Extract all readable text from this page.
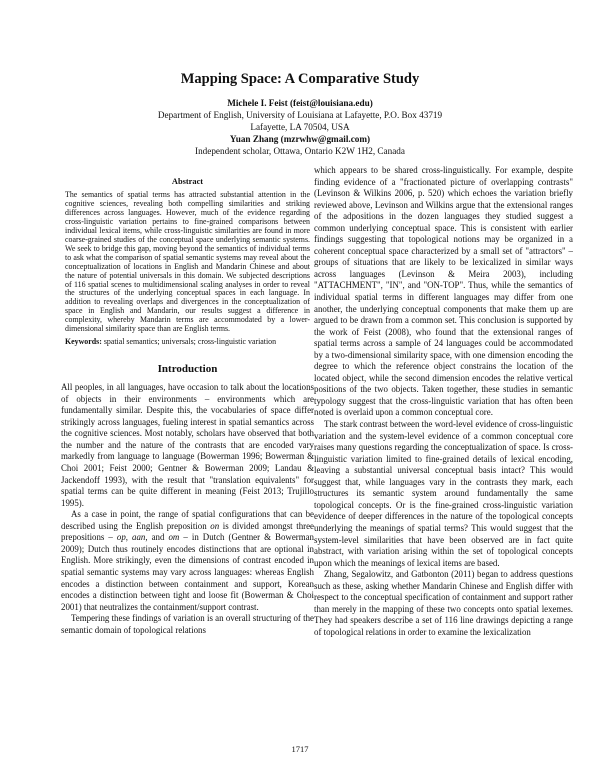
Mapping Space: A Comparative Study
Michele I. Feist (feist@louisiana.edu)
Department of English, University of Louisiana at Lafayette, P.O. Box 43719
Lafayette, LA 70504, USA
Yuan Zhang (mzrwhw@gmail.com)
Independent scholar, Ottawa, Ontario K2W 1H2, Canada
Abstract

The semantics of spatial terms has attracted substantial attention in the cognitive sciences, revealing both compelling similarities and striking differences across languages. However, much of the evidence regarding cross-linguistic variation pertains to fine-grained comparisons between individual lexical items, while cross-linguistic similarities are found in more coarse-grained studies of the conceptual space underlying semantic systems. We seek to bridge this gap, moving beyond the semantics of individual terms to ask what the comparison of spatial semantic systems may reveal about the conceptualization of locations in English and Mandarin Chinese and about the nature of potential universals in this domain. We subjected descriptions of 116 spatial scenes to multidimensional scaling analyses in order to reveal the structures of the underlying conceptual spaces in each language. In addition to revealing overlaps and divergences in the conceptualization of space in English and Mandarin, our results suggest a difference in complexity, whereby Mandarin terms are accommodated by a lower-dimensional similarity space than are English terms.

Keywords: spatial semantics; universals; cross-linguistic variation

Introduction

All peoples, in all languages, have occasion to talk about the locations of objects in their environments – environments which are fundamentally similar. Despite this, the vocabularies of space differ strikingly across languages, fueling interest in spatial semantics across the cognitive sciences. Most notably, scholars have observed that both the number and the nature of the contrasts that are encoded vary markedly from language to language (Bowerman 1996; Bowerman & Choi 2001; Feist 2000; Gentner & Bowerman 2009; Landau & Jackendoff 1993), with the result that "translation equivalents" for spatial terms can be quite different in meaning (Feist 2013; Trujillo 1995).

As a case in point, the range of spatial configurations that can be described using the English preposition on is divided amongst three prepositions – op, aan, and om – in Dutch (Gentner & Bowerman 2009); Dutch thus routinely encodes distinctions that are optional in English. More strikingly, even the dimensions of contrast encoded in spatial semantic systems may vary across languages: whereas English encodes a distinction between containment and support, Korean encodes a distinction between tight and loose fit (Bowerman & Choi 2001) that neutralizes the containment/support contrast.

Tempering these findings of variation is an overall structuring of the semantic domain of topological relations

which appears to be shared cross-linguistically. For example, despite finding evidence of a "fractionated picture of overlapping contrasts" (Levinson & Wilkins 2006, p. 520) which echoes the variation briefly reviewed above, Levinson and Wilkins argue that the extensional ranges of the adpositions in the dozen languages they studied suggest a common underlying conceptual space. This is consistent with earlier findings suggesting that topological notions may be organized in a coherent conceptual space characterized by a small set of "attractors" – groups of situations that are likely to be lexicalized in similar ways across languages (Levinson & Meira 2003), including "ATTACHMENT", "IN", and "ON-TOP". Thus, while the semantics of individual spatial terms in different languages may differ from one another, the underlying conceptual components that make them up are argued to be drawn from a common set. This conclusion is supported by the work of Feist (2008), who found that the extensional ranges of spatial terms across a sample of 24 languages could be accommodated by a two-dimensional similarity space, with one dimension encoding the degree to which the reference object constrains the location of the located object, while the second dimension encodes the relative vertical positions of the two objects. Taken together, these studies in semantic typology suggest that the cross-linguistic variation that has often been noted is overlaid upon a common conceptual core.

The stark contrast between the word-level evidence of cross-linguistic variation and the system-level evidence of a common conceptual core raises many questions regarding the conceptualization of space. Is cross-linguistic variation limited to fine-grained details of lexical encoding, leaving a substantial universal conceptual basis intact? This would suggest that, while languages vary in the contrasts they mark, each structures its semantic system around fundamentally the same topological concepts. Or is the fine-grained cross-linguistic variation evidence of deeper differences in the nature of the topological concepts underlying the meanings of spatial terms? This would suggest that the system-level similarities that have been observed are in fact quite abstract, with variation arising within the set of topological concepts upon which the meanings of lexical items are based.

Zhang, Segalowitz, and Gatbonton (2011) began to address questions such as these, asking whether Mandarin Chinese and English differ with respect to the conceptual specification of containment and support rather than merely in the mapping of these two concepts onto spatial lexemes. They had speakers describe a set of 116 line drawings depicting a range of topological relations in order to examine the lexicalization

1717
